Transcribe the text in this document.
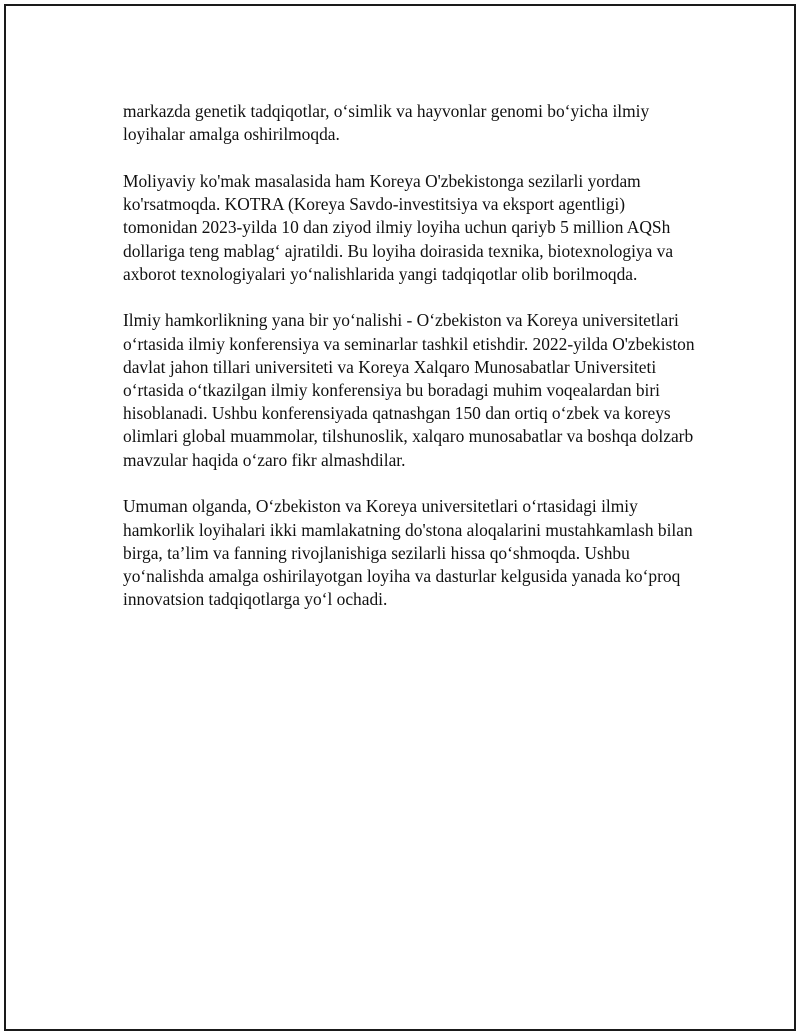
markazda genetik tadqiqotlar, o‘simlik va hayvonlar genomi bo‘yicha ilmiy loyihalar amalga oshirilmoqda.

Moliyaviy ko'mak masalasida ham Koreya O'zbekistonga sezilarli yordam ko'rsatmoqda. KOTRA (Koreya Savdo-investitsiya va eksport agentligi) tomonidan 2023-yilda 10 dan ziyod ilmiy loyiha uchun qariyb 5 million AQSh dollariga teng mablag‘ ajratildi. Bu loyiha doirasida texnika, biotexnologiya va axborot texnologiyalari yo‘nalishlarida yangi tadqiqotlar olib borilmoqda.

Ilmiy hamkorlikning yana bir yo‘nalishi - O‘zbekiston va Koreya universitetlari o‘rtasida ilmiy konferensiya va seminarlar tashkil etishdir. 2022-yilda O'zbekiston davlat jahon tillari universiteti va Koreya Xalqaro Munosabatlar Universiteti o‘rtasida o‘tkazilgan ilmiy konferensiya bu boradagi muhim voqealardan biri hisoblanadi. Ushbu konferensiyada qatnashgan 150 dan ortiq o‘zbek va koreys olimlari global muammolar, tilshunoslik, xalqaro munosabatlar va boshqa dolzarb mavzular haqida o‘zaro fikr almashdilar.

Umuman olganda, O‘zbekiston va Koreya universitetlari o‘rtasidagi ilmiy hamkorlik loyihalari ikki mamlakatning do'stona aloqalarini mustahkamlash bilan birga, ta’lim va fanning rivojlanishiga sezilarli hissa qo‘shmoqda. Ushbu yo‘nalishda amalga oshirilayotgan loyiha va dasturlar kelgusida yanada ko‘proq innovatsion tadqiqotlarga yo‘l ochadi.
